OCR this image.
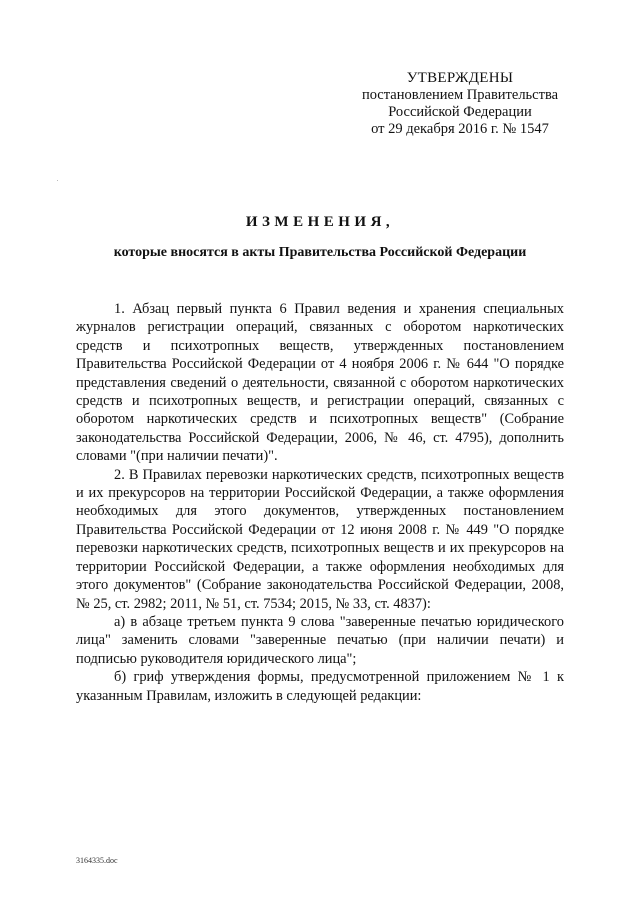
УТВЕРЖДЕНЫ
постановлением Правительства
Российской Федерации
от 29 декабря 2016 г. № 1547
ИЗМЕНЕНИЯ,
которые вносятся в акты Правительства Российской Федерации

1. Абзац первый пункта 6 Правил ведения и хранения специальных журналов регистрации операций, связанных с оборотом наркотических средств и психотропных веществ, утвержденных постановлением Правительства Российской Федерации от 4 ноября 2006 г. № 644 "О порядке представления сведений о деятельности, связанной с оборотом наркотических средств и психотропных веществ, и регистрации операций, связанных с оборотом наркотических средств и психотропных веществ" (Собрание законодательства Российской Федерации, 2006, № 46, ст. 4795), дополнить словами "(при наличии печати)".

2. В Правилах перевозки наркотических средств, психотропных веществ и их прекурсоров на территории Российской Федерации, а также оформления необходимых для этого документов, утвержденных постановлением Правительства Российской Федерации от 12 июня 2008 г. № 449 "О порядке перевозки наркотических средств, психотропных веществ и их прекурсоров на территории Российской Федерации, а также оформления необходимых для этого документов" (Собрание законодательства Российской Федерации, 2008, № 25, ст. 2982; 2011, № 51, ст. 7534; 2015, № 33, ст. 4837):

а) в абзаце третьем пункта 9 слова "заверенные печатью юридического лица" заменить словами "заверенные печатью (при наличии печати) и подписью руководителя юридического лица";

б) гриф утверждения формы, предусмотренной приложением № 1 к указанным Правилам, изложить в следующей редакции:

3164335.doc
